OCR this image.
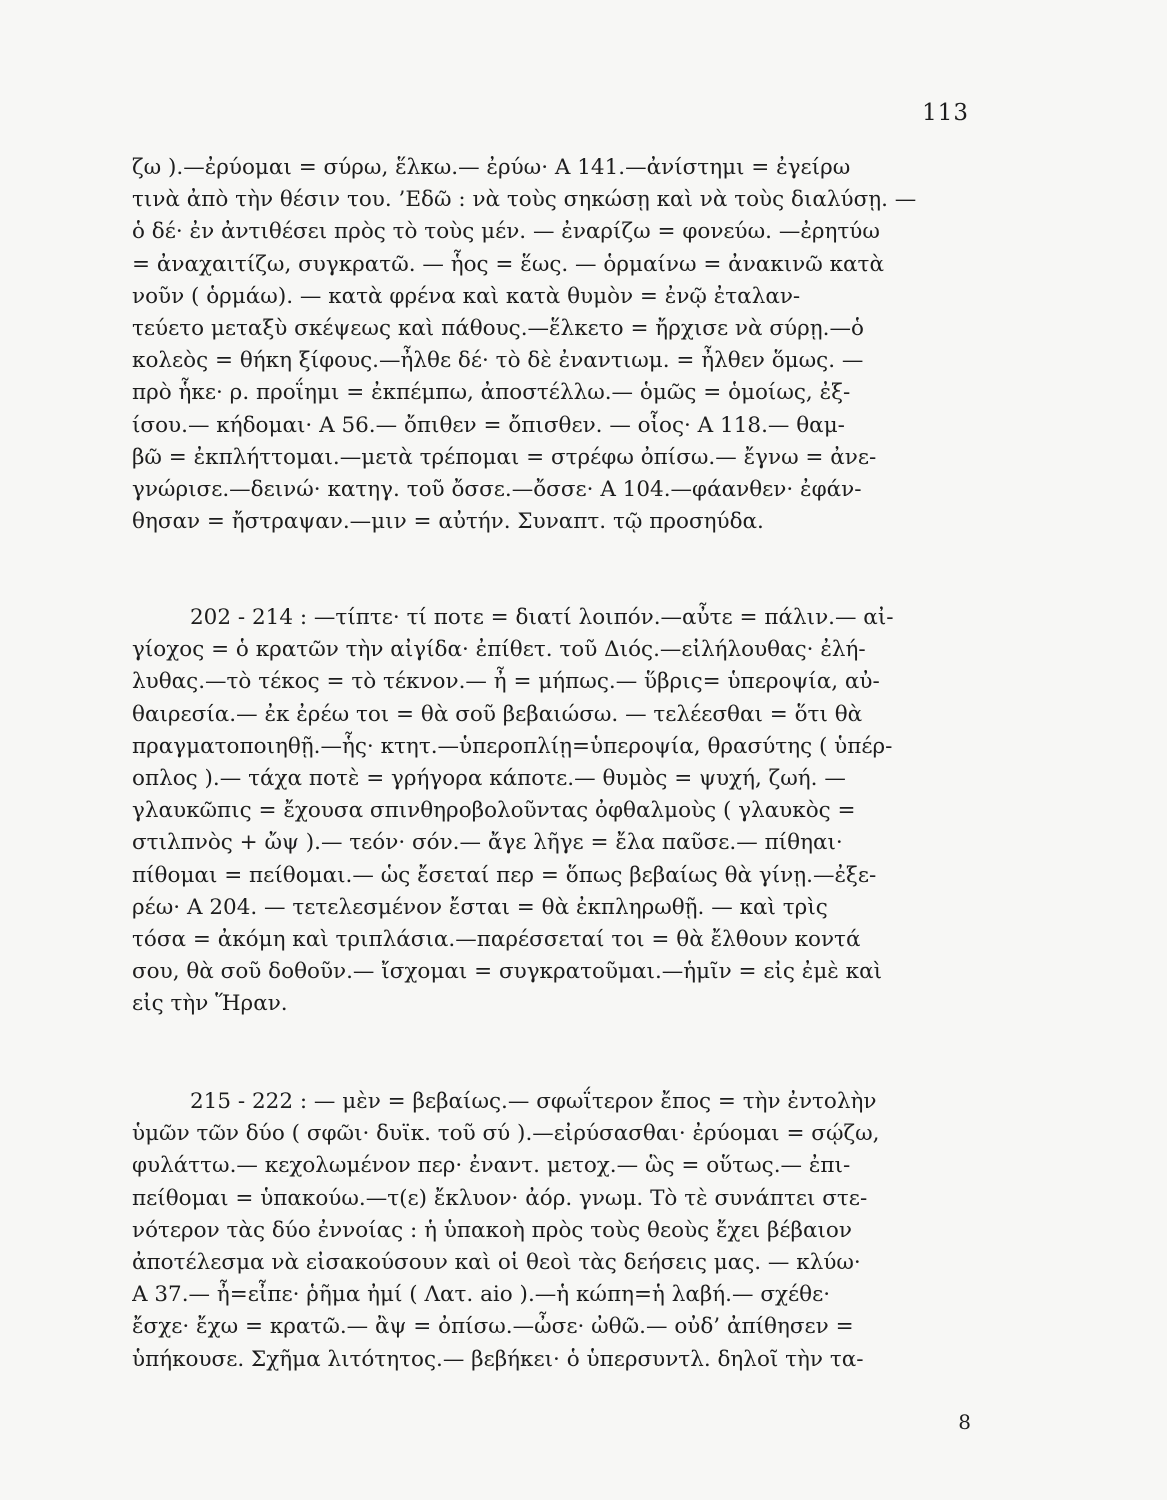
113
ζω ).—ἐρύομαι = σύρω, ἕλκω.— ἐρύω· Α 141.—ἀνίστημι = ἐγείρω
τινὰ ἀπὸ τὴν θέσιν του. ’Εδῶ : νὰ τοὺς σηκώσῃ καὶ νὰ τοὺς διαλύσῃ. —
ὁ δέ· ἐν ἀντιθέσει πρὸς τὸ τοὺς μέν. — ἐναρίζω = φονεύω. —ἐρητύω
= ἀναχαιτίζω, συγκρατῶ. — ἧος = ἕως. — ὁρμαίνω = ἀνακινῶ κατὰ
νοῦν ( ὁρμάω). — κατὰ φρένα καὶ κατὰ θυμὸν = ἐνῷ ἐταλαν-
τεύετο μεταξὺ σκέψεως καὶ πάθους.—ἕλκετο = ἤρχισε νὰ σύρῃ.—ὁ
κολεὸς = θήκη ξίφους.—ἦλθε δέ· τὸ δὲ ἐναντιωμ. = ἦλθεν ὅμως. —
πρὸ ἧκε· ρ. προΐημι = ἐκπέμπω, ἀποστέλλω.— ὁμῶς = ὁμοίως, ἐξ-
ίσου.— κήδομαι· Α 56.— ὄπιθεν = ὄπισθεν. — οἷος· Α 118.— θαμ-
βῶ = ἐκπλήττομαι.—μετὰ τρέπομαι = στρέφω ὀπίσω.— ἔγνω = ἀνε-
γνώρισε.—δεινώ· κατηγ. τοῦ ὄσσε.—ὄσσε· Α 104.—φάανθεν· ἐφάν-
θησαν = ἤστραψαν.—μιν = αὐτήν. Συναπτ. τῷ προσηύδα.
202 - 214 : —τίπτε· τί ποτε = διατί λοιπόν.—αὖτε = πάλιν.— αἰ-
γίοχος = ὁ κρατῶν τὴν αἰγίδα· ἐπίθετ. τοῦ Διός.—εἰλήλουθας· ἐλή-
λυθας.—τὸ τέκος = τὸ τέκνον.— ἦ = μήπως.— ὕβρις= ὑπεροψία, αὐ-
θαιρεσία.— ἐκ ἐρέω τοι = θὰ σοῦ βεβαιώσω. — τελέεσθαι = ὅτι θὰ
πραγματοποιηθῇ.—ἧς· κτητ.—ὑπεροπλίῃ=ὑπεροψία, θρασύτης ( ὑπέρ-
οπλος ).— τάχα ποτὲ = γρήγορα κάποτε.— θυμὸς = ψυχή, ζωή. —
γλαυκῶπις = ἔχουσα σπινθηροβολοῦντας ὀφθαλμοὺς ( γλαυκὸς =
στιλπνὸς + ὤψ ).— τεόν· σόν.— ἄγε λῆγε = ἔλα παῦσε.— πίθηαι·
πίθομαι = πείθομαι.— ὡς ἔσεταί περ = ὅπως βεβαίως θὰ γίνῃ.—ἐξε-
ρέω· Α 204. — τετελεσμένον ἔσται = θὰ ἐκπληρωθῇ. — καὶ τρὶς
τόσα = ἀκόμη καὶ τριπλάσια.—παρέσσεταί τοι = θὰ ἔλθουν κοντά
σου, θὰ σοῦ δοθοῦν.— ἴσχομαι = συγκρατοῦμαι.—ἡμῖν = εἰς ἐμὲ καὶ
εἰς τὴν Ἥραν.
215 - 222 : — μὲν = βεβαίως.— σφωΐτερον ἔπος = τὴν ἐντολὴν
ὑμῶν τῶν δύο ( σφῶι· δυϊκ. τοῦ σύ ).—εἰρύσασθαι· ἐρύομαι = σῴζω,
φυλάττω.— κεχολωμένον περ· ἐναντ. μετοχ.— ὣς = οὕτως.— ἐπι-
πείθομαι = ὑπακούω.—τ(ε) ἔκλυον· ἀόρ. γνωμ. Τὸ τὲ συνάπτει στε-
νότερον τὰς δύο ἐννοίας : ἡ ὑπακοὴ πρὸς τοὺς θεοὺς ἔχει βέβαιον
ἀποτέλεσμα νὰ εἰσακούσουν καὶ οἱ θεοὶ τὰς δεήσεις μας. — κλύω·
Α 37.— ἦ=εἶπε· ῥῆμα ἠμί ( Λατ. aio ).—ἡ κώπη=ἡ λαβή.— σχέθε·
ἔσχε· ἔχω = κρατῶ.— ἂψ = ὀπίσω.—ὦσε· ὠθῶ.— οὐδ’ ἀπίθησεν =
ὑπήκουσε. Σχῆμα λιτότητος.— βεβήκει· ὁ ὑπερσυντλ. δηλοῖ τὴν τα-
8
